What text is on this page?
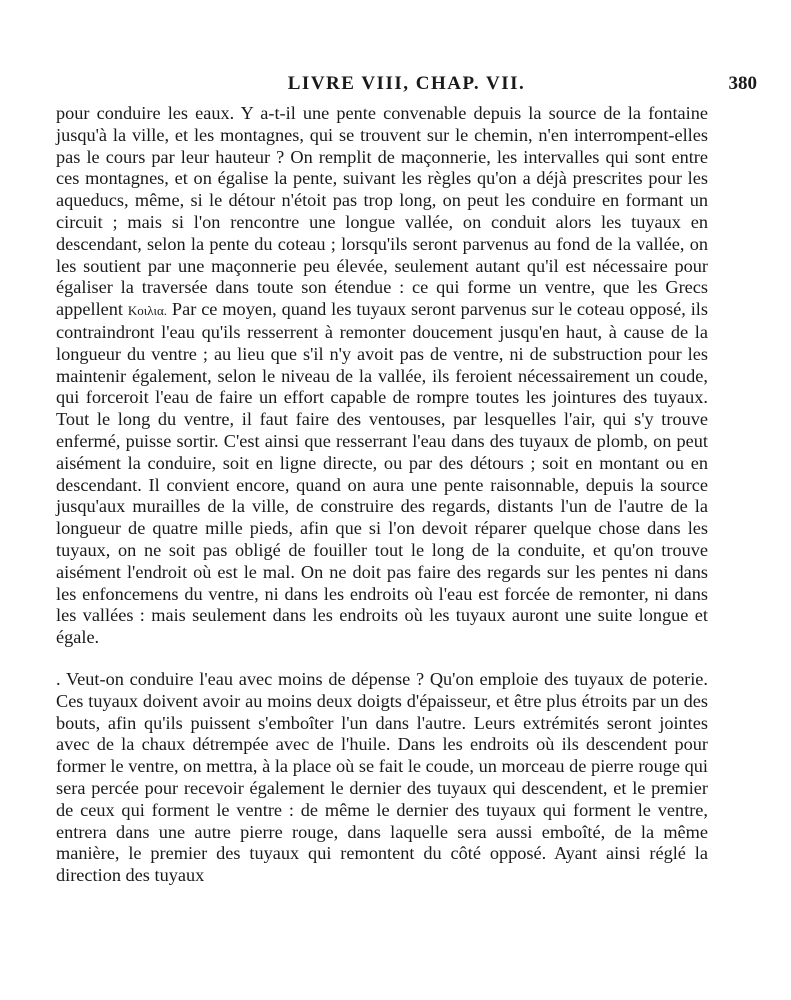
LIVRE VIII, CHAP. VII.	380

pour conduire les eaux. Y a-t-il une pente convenable depuis la source de la fontaine jusqu'à la ville, et les montagnes, qui se trouvent sur le chemin, n'en interrompent-elles pas le cours par leur hauteur ? On remplit de maçonnerie, les intervalles qui sont entre ces montagnes, et on égalise la pente, suivant les règles qu'on a déjà prescrites pour les aqueducs, même, si le détour n'étoit pas trop long, on peut les conduire en formant un circuit ; mais si l'on rencontre une longue vallée, on conduit alors les tuyaux en descendant, selon la pente du coteau ; lorsqu'ils seront parvenus au fond de la vallée, on les soutient par une maçonnerie peu élevée, seulement autant qu'il est nécessaire pour égaliser la traversée dans toute son étendue : ce qui forme un ventre, que les Grecs appellent Κοιλια. Par ce moyen, quand les tuyaux seront parvenus sur le coteau opposé, ils contraindront l'eau qu'ils resserrent à remonter doucement jusqu'en haut, à cause de la longueur du ventre ; au lieu que s'il n'y avoit pas de ventre, ni de substruction pour les maintenir également, selon le niveau de la vallée, ils feroient nécessairement un coude, qui forceroit l'eau de faire un effort capable de rompre toutes les jointures des tuyaux. Tout le long du ventre, il faut faire des ventouses, par lesquelles l'air, qui s'y trouve enfermé, puisse sortir. C'est ainsi que resserrant l'eau dans des tuyaux de plomb, on peut aisément la conduire, soit en ligne directe, ou par des détours ; soit en montant ou en descendant. Il convient encore, quand on aura une pente raisonnable, depuis la source jusqu'aux murailles de la ville, de construire des regards, distants l'un de l'autre de la longueur de quatre mille pieds, afin que si l'on devoit réparer quelque chose dans les tuyaux, on ne soit pas obligé de fouiller tout le long de la conduite, et qu'on trouve aisément l'endroit où est le mal. On ne doit pas faire des regards sur les pentes ni dans les enfoncemens du ventre, ni dans les endroits où l'eau est forcée de remonter, ni dans les vallées : mais seulement dans les endroits où les tuyaux auront une suite longue et égale.

. Veut-on conduire l'eau avec moins de dépense ? Qu'on emploie des tuyaux de poterie. Ces tuyaux doivent avoir au moins deux doigts d'épaisseur, et être plus étroits par un des bouts, afin qu'ils puissent s'emboîter l'un dans l'autre. Leurs extrémités seront jointes avec de la chaux détrempée avec de l'huile. Dans les endroits où ils descendent pour former le ventre, on mettra, à la place où se fait le coude, un morceau de pierre rouge qui sera percée pour recevoir également le dernier des tuyaux qui descendent, et le premier de ceux qui forment le ventre : de même le dernier des tuyaux qui forment le ventre, entrera dans une autre pierre rouge, dans laquelle sera aussi emboîté, de la même manière, le premier des tuyaux qui remontent du côté opposé. Ayant ainsi réglé la direction des tuyaux
